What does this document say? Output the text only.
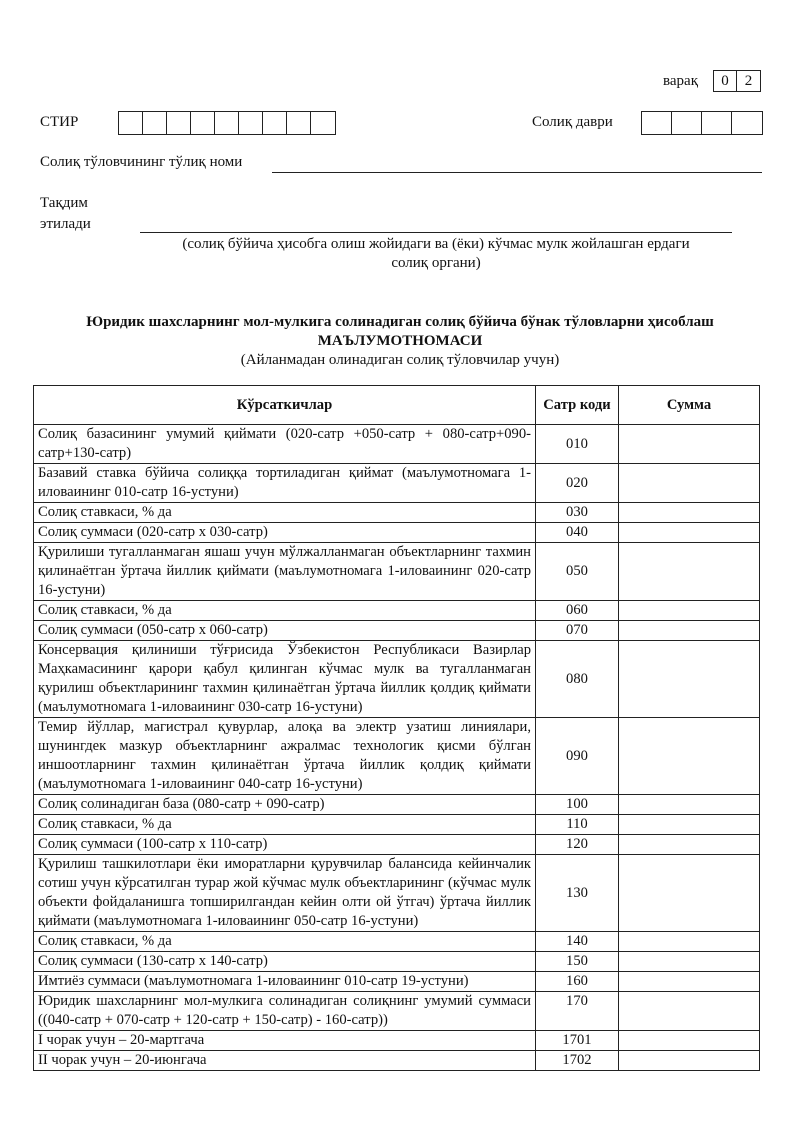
варақ	0	2
СТИР	Солиқ даври
Солиқ тўловчининг тўлиқ номи
Тақдим
этилади
(солиқ бўйича ҳисобга олиш жойидаги ва (ёки) кўчмас мулк жойлашган ердаги
солиқ органи)
Юридик шахсларнинг мол-мулкига солинадиган солиқ бўйича бўнак тўловларни ҳисоблаш
МАЪЛУМОТНОМАСИ
(Айланмадан олинадиган солиқ тўловчилар учун)
Кўрсаткичлар	Сатр коди	Сумма
Солиқ базасининг умумий қиймати (020-сатр +050-сатр + 080-сатр+090-сатр+130-сатр)	010	
Базавий ставка бўйича солиққа тортиладиган қиймат (маълумотномага 1-иловаининг 010-сатр 16-устуни)	020	
Солиқ ставкаси, % да	030	
Солиқ суммаси (020-сатр х 030-сатр)	040	
Қурилиши тугалланмаган яшаш учун мўлжалланмаган объектларнинг тахмин қилинаётган ўртача йиллик қиймати (маълумотномага 1-иловаининг 020-сатр 16-устуни)	050	
Солиқ ставкаси, % да	060	
Солиқ суммаси (050-сатр х 060-сатр)	070	
Консервация қилиниши тўғрисида Ўзбекистон Республикаси Вазирлар Маҳкамасининг қарори қабул қилинган кўчмас мулк ва тугалланмаган қурилиш объектларининг тахмин қилинаётган ўртача йиллик қолдиқ қиймати (маълумотномага 1-иловаининг 030-сатр 16-устуни)	080	
Темир йўллар, магистрал қувурлар, алоқа ва электр узатиш линиялари, шунингдек мазкур объектларнинг ажралмас технологик қисми бўлган иншоотларнинг тахмин қилинаётган ўртача йиллик қолдиқ қиймати (маълумотномага 1-иловаининг 040-сатр 16-устуни)	090	
Солиқ солинадиган база (080-сатр + 090-сатр)	100	
Солиқ ставкаси, % да	110	
Солиқ суммаси (100-сатр х 110-сатр)	120	
Қурилиш ташкилотлари ёки иморатларни қурувчилар балансида кейинчалик сотиш учун кўрсатилган турар жой кўчмас мулк объектларининг (кўчмас мулк объекти фойдаланишга топширилгандан кейин олти ой ўтгач) ўртача йиллик қиймати (маълумотномага 1-иловаининг 050-сатр 16-устуни)	130	
Солиқ ставкаси, % да	140	
Солиқ суммаси (130-сатр х 140-сатр)	150	
Имтиёз суммаси (маълумотномага 1-иловаининг 010-сатр 19-устуни)	160	
Юридик шахсларнинг мол-мулкига солинадиган солиқнинг умумий суммаси ((040-сатр + 070-сатр + 120-сатр + 150-сатр) - 160-сатр))	170	
I чорак учун – 20-мартгача	1701	
II чорак учун – 20-июнгача	1702	
